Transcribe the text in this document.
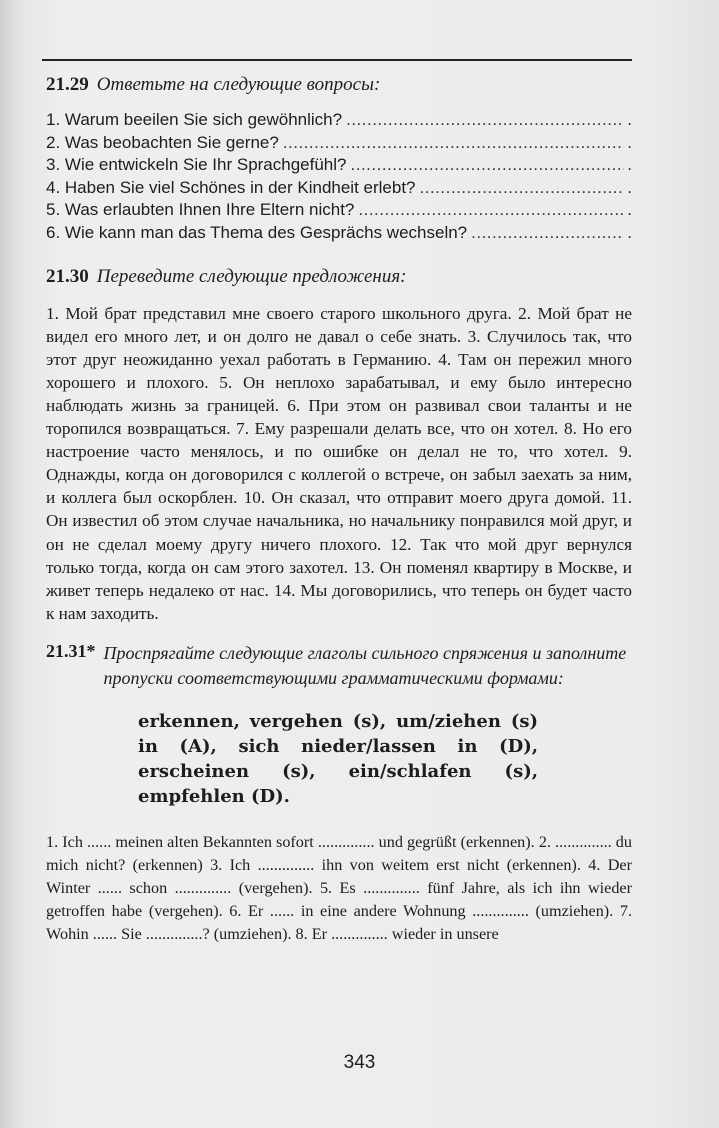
21.29 Ответьте на следующие вопросы:
1. Warum beeilen Sie sich gewöhnlich? .....	.
2. Was beobachten Sie gerne? .....	.
3. Wie entwickeln Sie Ihr Sprachgefühl? .....	.
4. Haben Sie viel Schönes in der Kindheit erlebt? .....	.
5. Was erlaubten Ihnen Ihre Eltern nicht? .....	.
6. Wie kann man das Thema des Gesprächs wechseln? .....	.
21.30 Переведите следующие предложения:

1. Мой брат представил мне своего старого школьного друга. 2. Мой брат не видел его много лет, и он долго не давал о себе знать. 3. Случилось так, что этот друг неожиданно уехал работать в Германию. 4. Там он пережил много хорошего и плохого. 5. Он неплохо зарабатывал, и ему было интересно наблюдать жизнь за границей. 6. При этом он развивал свои таланты и не торопился возвращаться. 7. Ему разрешали делать все, что он хотел. 8. Но его настроение часто менялось, и по ошибке он делал не то, что хотел. 9. Однажды, когда он договорился с коллегой о встрече, он забыл заехать за ним, и коллега был оскорблен. 10. Он сказал, что отправит моего друга домой. 11. Он известил об этом случае начальника, но начальнику понравился мой друг, и он не сделал моему другу ничего плохого. 12. Так что мой друг вернулся только тогда, когда он сам этого захотел. 13. Он поменял квартиру в Москве, и живет теперь недалеко от нас. 14. Мы договорились, что теперь он будет часто к нам заходить.

21.31* Проспрягайте следующие глаголы сильного спряжения и заполните пропуски соответствующими грамматическими формами:
erkennen, vergehen (s), um/ziehen (s) in (A), sich nieder/lassen in (D), erscheinen (s), ein/schlafen (s), empfehlen (D).

1. Ich ...... meinen alten Bekannten sofort .............. und gegrüßt (erkennen). 2. .............. du mich nicht? (erkennen) 3. Ich .............. ihn von weitem erst nicht (erkennen). 4. Der Winter ...... schon .............. (vergehen). 5. Es .............. fünf Jahre, als ich ihn wieder getroffen habe (vergehen). 6. Er ...... in eine andere Wohnung .............. (umziehen). 7. Wohin ...... Sie ..............? (umziehen). 8. Er .............. wieder in unsere

343
